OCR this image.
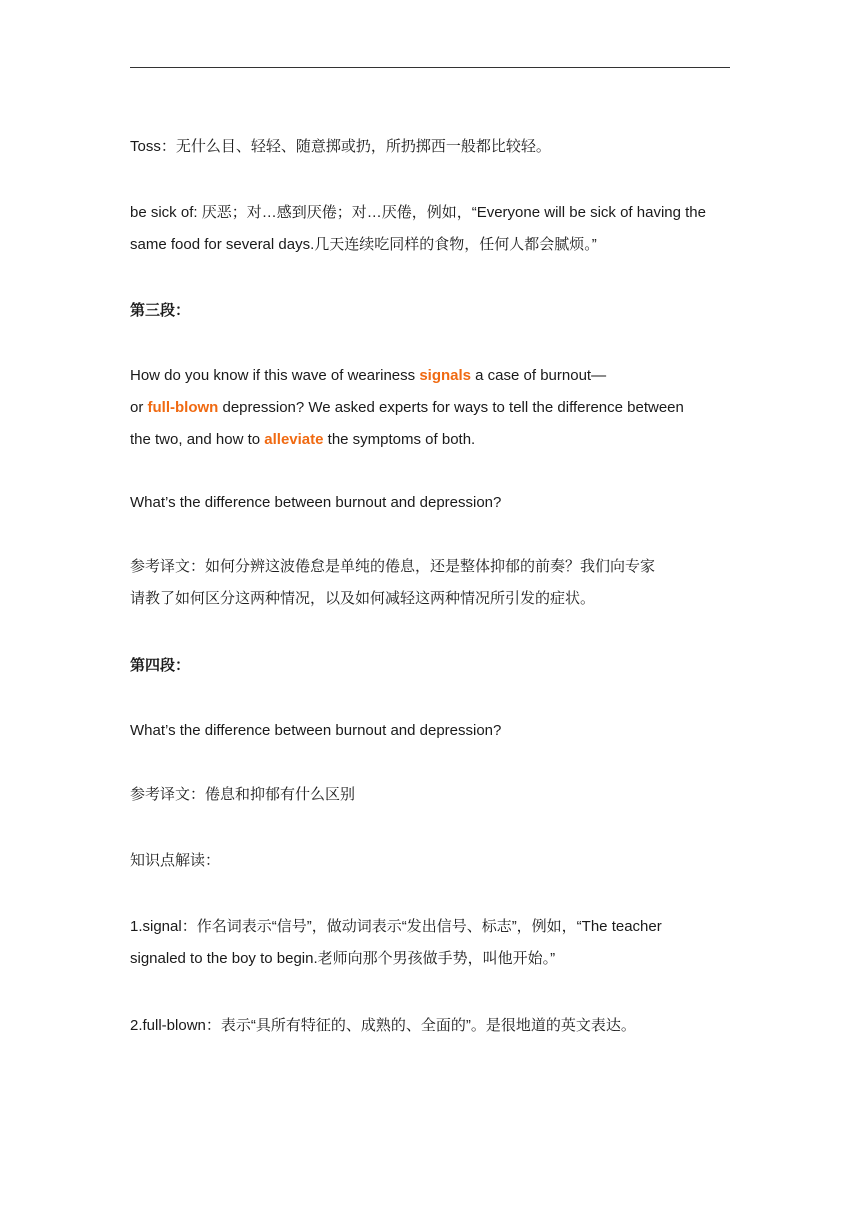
Toss：无什么目、轻轻、随意掷或扔，所扔掷西一般都比较轻。

be sick of: 厌恶；对…感到厌倦；对…厌倦，例如，“Everyone will be sick of having the

same food for several days.几天连续吃同样的食物，任何人都会腻烦。”

第三段：

How do you know if this wave of weariness signals a case of burnout—

or full-blown depression? We asked experts for ways to tell the difference between

the two, and how to alleviate the symptoms of both.

What’s the difference between burnout and depression?

参考译文：如何分辨这波倦怠是单纯的倦息，还是整体抑郁的前奏？我们向专家

请教了如何区分这两种情况，以及如何减轻这两种情况所引发的症状。

第四段：

What’s the difference between burnout and depression?

参考译文：倦息和抑郁有什么区别

知识点解读：

1.signal：作名词表示“信号”，做动词表示“发出信号、标志”，例如，“The teacher

signaled to the boy to begin.老师向那个男孩做手势，叫他开始。”

2.full-blown：表示“具所有特征的、成熟的、全面的”。是很地道的英文表达。
